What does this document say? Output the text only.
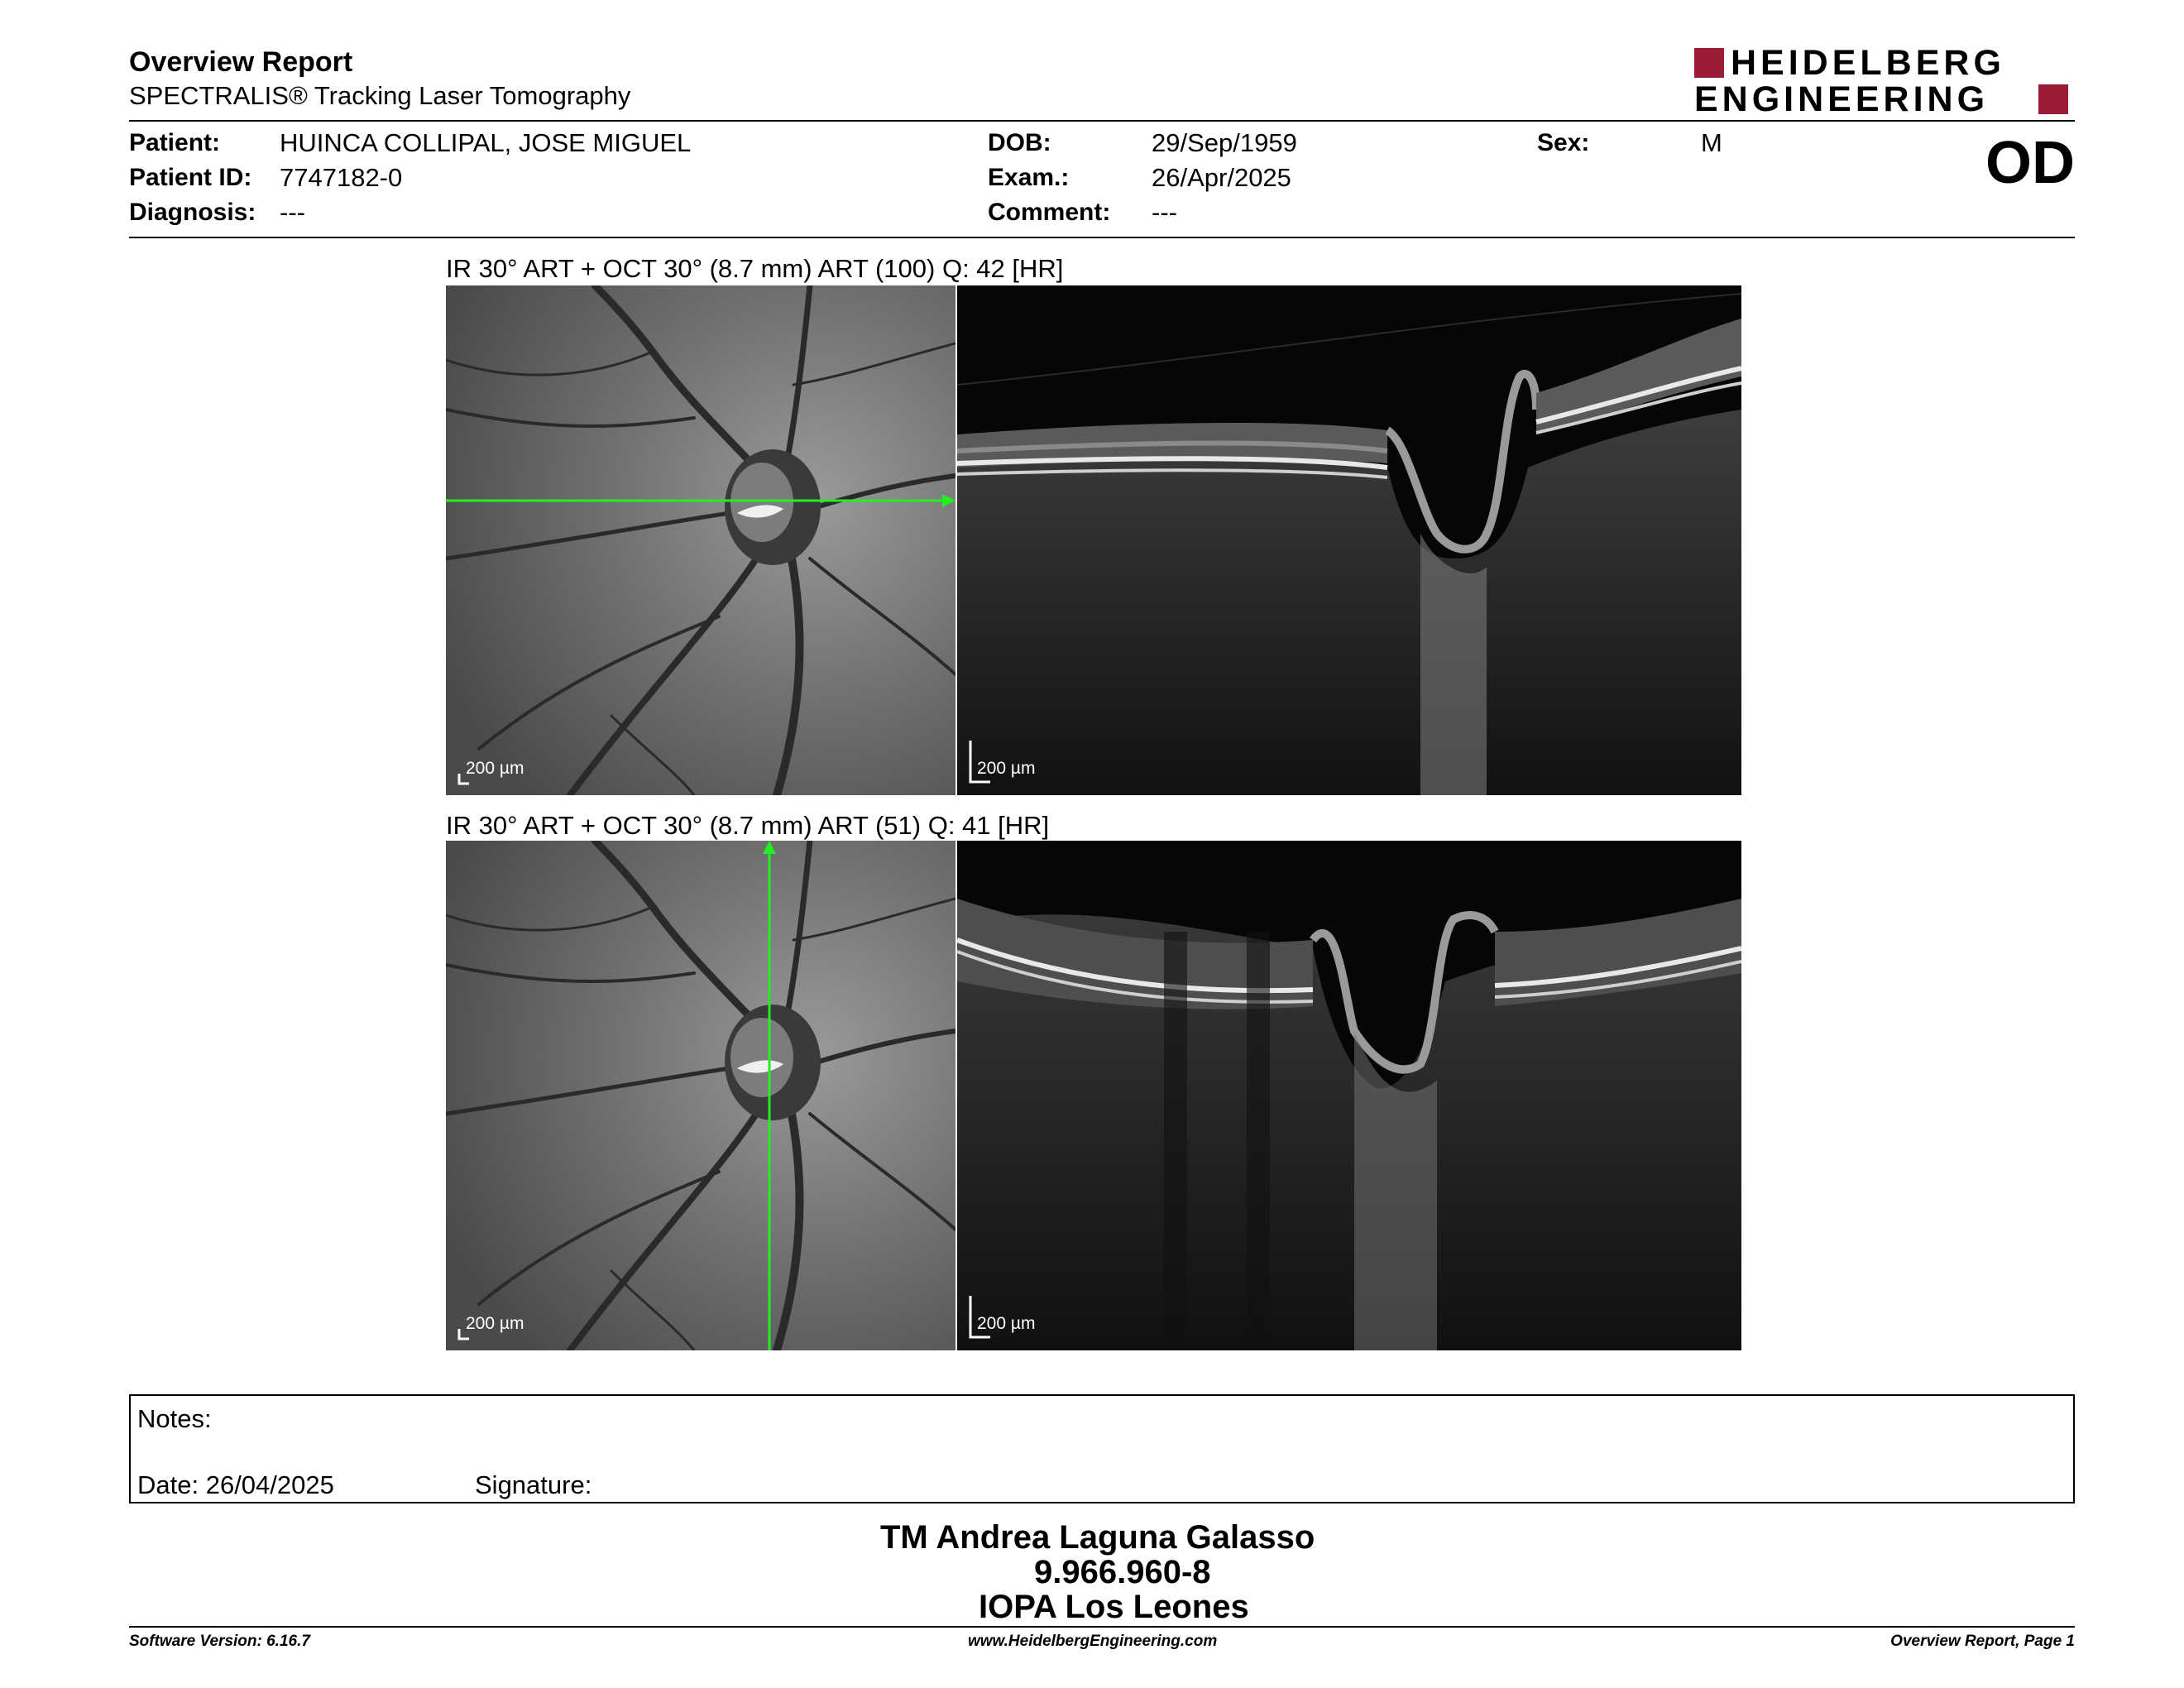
Overview Report
SPECTRALIS® Tracking Laser Tomography
HEIDELBERG
ENGINEERING
Patient: HUINCA COLLIPAL, JOSE MIGUEL
Patient ID: 7747182-0
Diagnosis: ---
DOB:	29/Sep/1959
Exam.:	26/Apr/2025
Comment: ---
Sex:	M	OD
IR 30° ART + OCT 30° (8.7 mm) ART (100) Q: 42 [HR]
200 µm	200 µm
IR 30° ART + OCT 30° (8.7 mm) ART (51) Q: 41 [HR]
200 µm	200 µm
Notes:
Date: 26/04/2025	Signature:
TM Andrea Laguna Galasso
9.966.960-8
IOPA Los Leones
Software Version: 6.16.7	www.HeidelbergEngineering.com	Overview Report, Page 1
